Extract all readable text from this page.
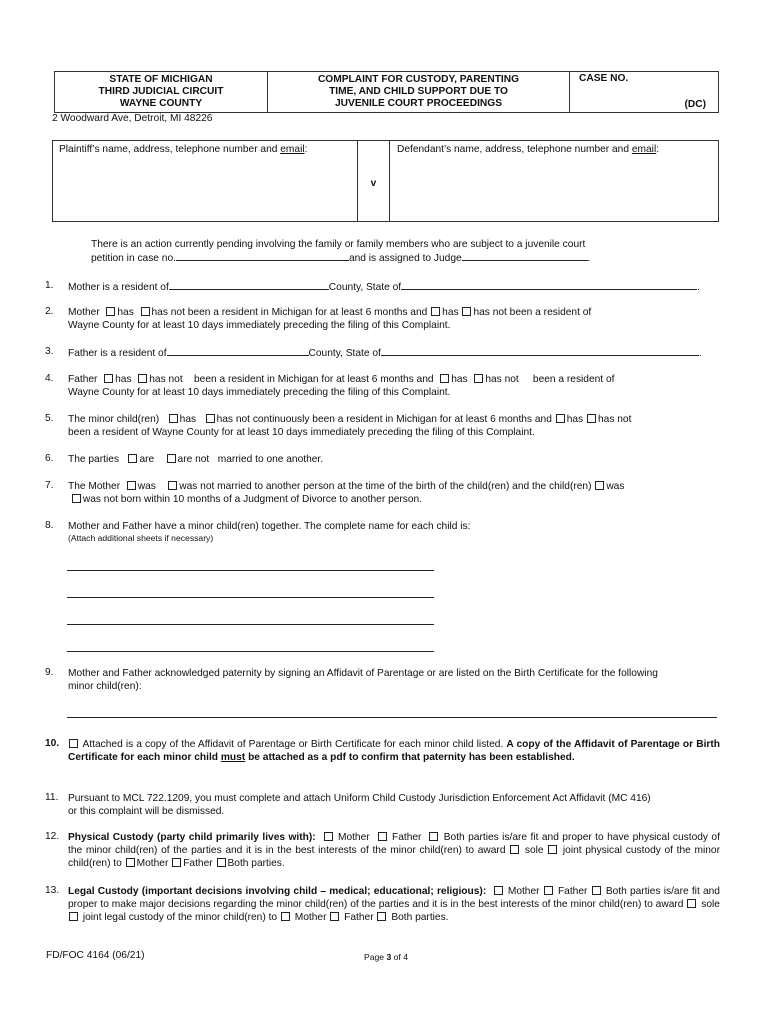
STATE OF MICHIGAN
THIRD JUDICIAL CIRCUIT
WAYNE COUNTY
COMPLAINT FOR CUSTODY, PARENTING
TIME, AND CHILD SUPPORT DUE TO
JUVENILE COURT PROCEEDINGS
CASE NO.
(DC)
2 Woodward Ave, Detroit, MI 48226
Plaintiff’s name, address, telephone number and email:
v
Defendant’s name, address, telephone number and email:
There is an action currently pending involving the family or family members who are subject to a juvenile court
petition in case no.	and is assigned to Judge	.
1. Mother is a resident of	County, State of	.
2. Mother has has not been a resident in Michigan for at least 6 months and has has not been a resident of
Wayne County for at least 10 days immediately preceding the filing of this Complaint.
3. Father is a resident of	County, State of	.
4. Father has has not been a resident in Michigan for at least 6 months and has has not been a resident of
Wayne County for at least 10 days immediately preceding the filing of this Complaint.
5. The minor child(ren) has has not continuously been a resident in Michigan for at least 6 months and has has not
been a resident of Wayne County for at least 10 days immediately preceding the filing of this Complaint.
6. The parties are are not married to one another.
7. The Mother was was not married to another person at the time of the birth of the child(ren) and the child(ren) was
was not born within 10 months of a Judgment of Divorce to another person.
8. Mother and Father have a minor child(ren) together. The complete name for each child is:
(Attach additional sheets if necessary)
9. Mother and Father acknowledged paternity by signing an Affidavit of Parentage or are listed on the Birth Certificate for the following
minor child(ren):
10.	Attached is a copy of the Affidavit of Parentage or Birth Certificate for each minor child listed. A copy of the Affidavit of Parentage or Birth Certificate for each minor child must be attached as a pdf to confirm that paternity has been established.
11. Pursuant to MCL 722.1209, you must complete and attach Uniform Child Custody Jurisdiction Enforcement Act Affidavit (MC 416)
or this complaint will be dismissed.
12. Physical Custody (party child primarily lives with): Mother Father Both parties is/are fit and proper to have physical custody of the minor child(ren) of the parties and it is in the best interests of the minor child(ren) to award sole joint physical custody of the minor child(ren) to Mother Father Both parties.
13. Legal Custody (important decisions involving child – medical; educational; religious): Mother Father Both parties is/are fit and proper to make major decisions regarding the minor child(ren) of the parties and it is in the best interests of the minor child(ren) to award sole  joint legal custody of the minor child(ren) to Mother Father Both parties.
FD/FOC 4164 (06/21)	Page 3 of 4
